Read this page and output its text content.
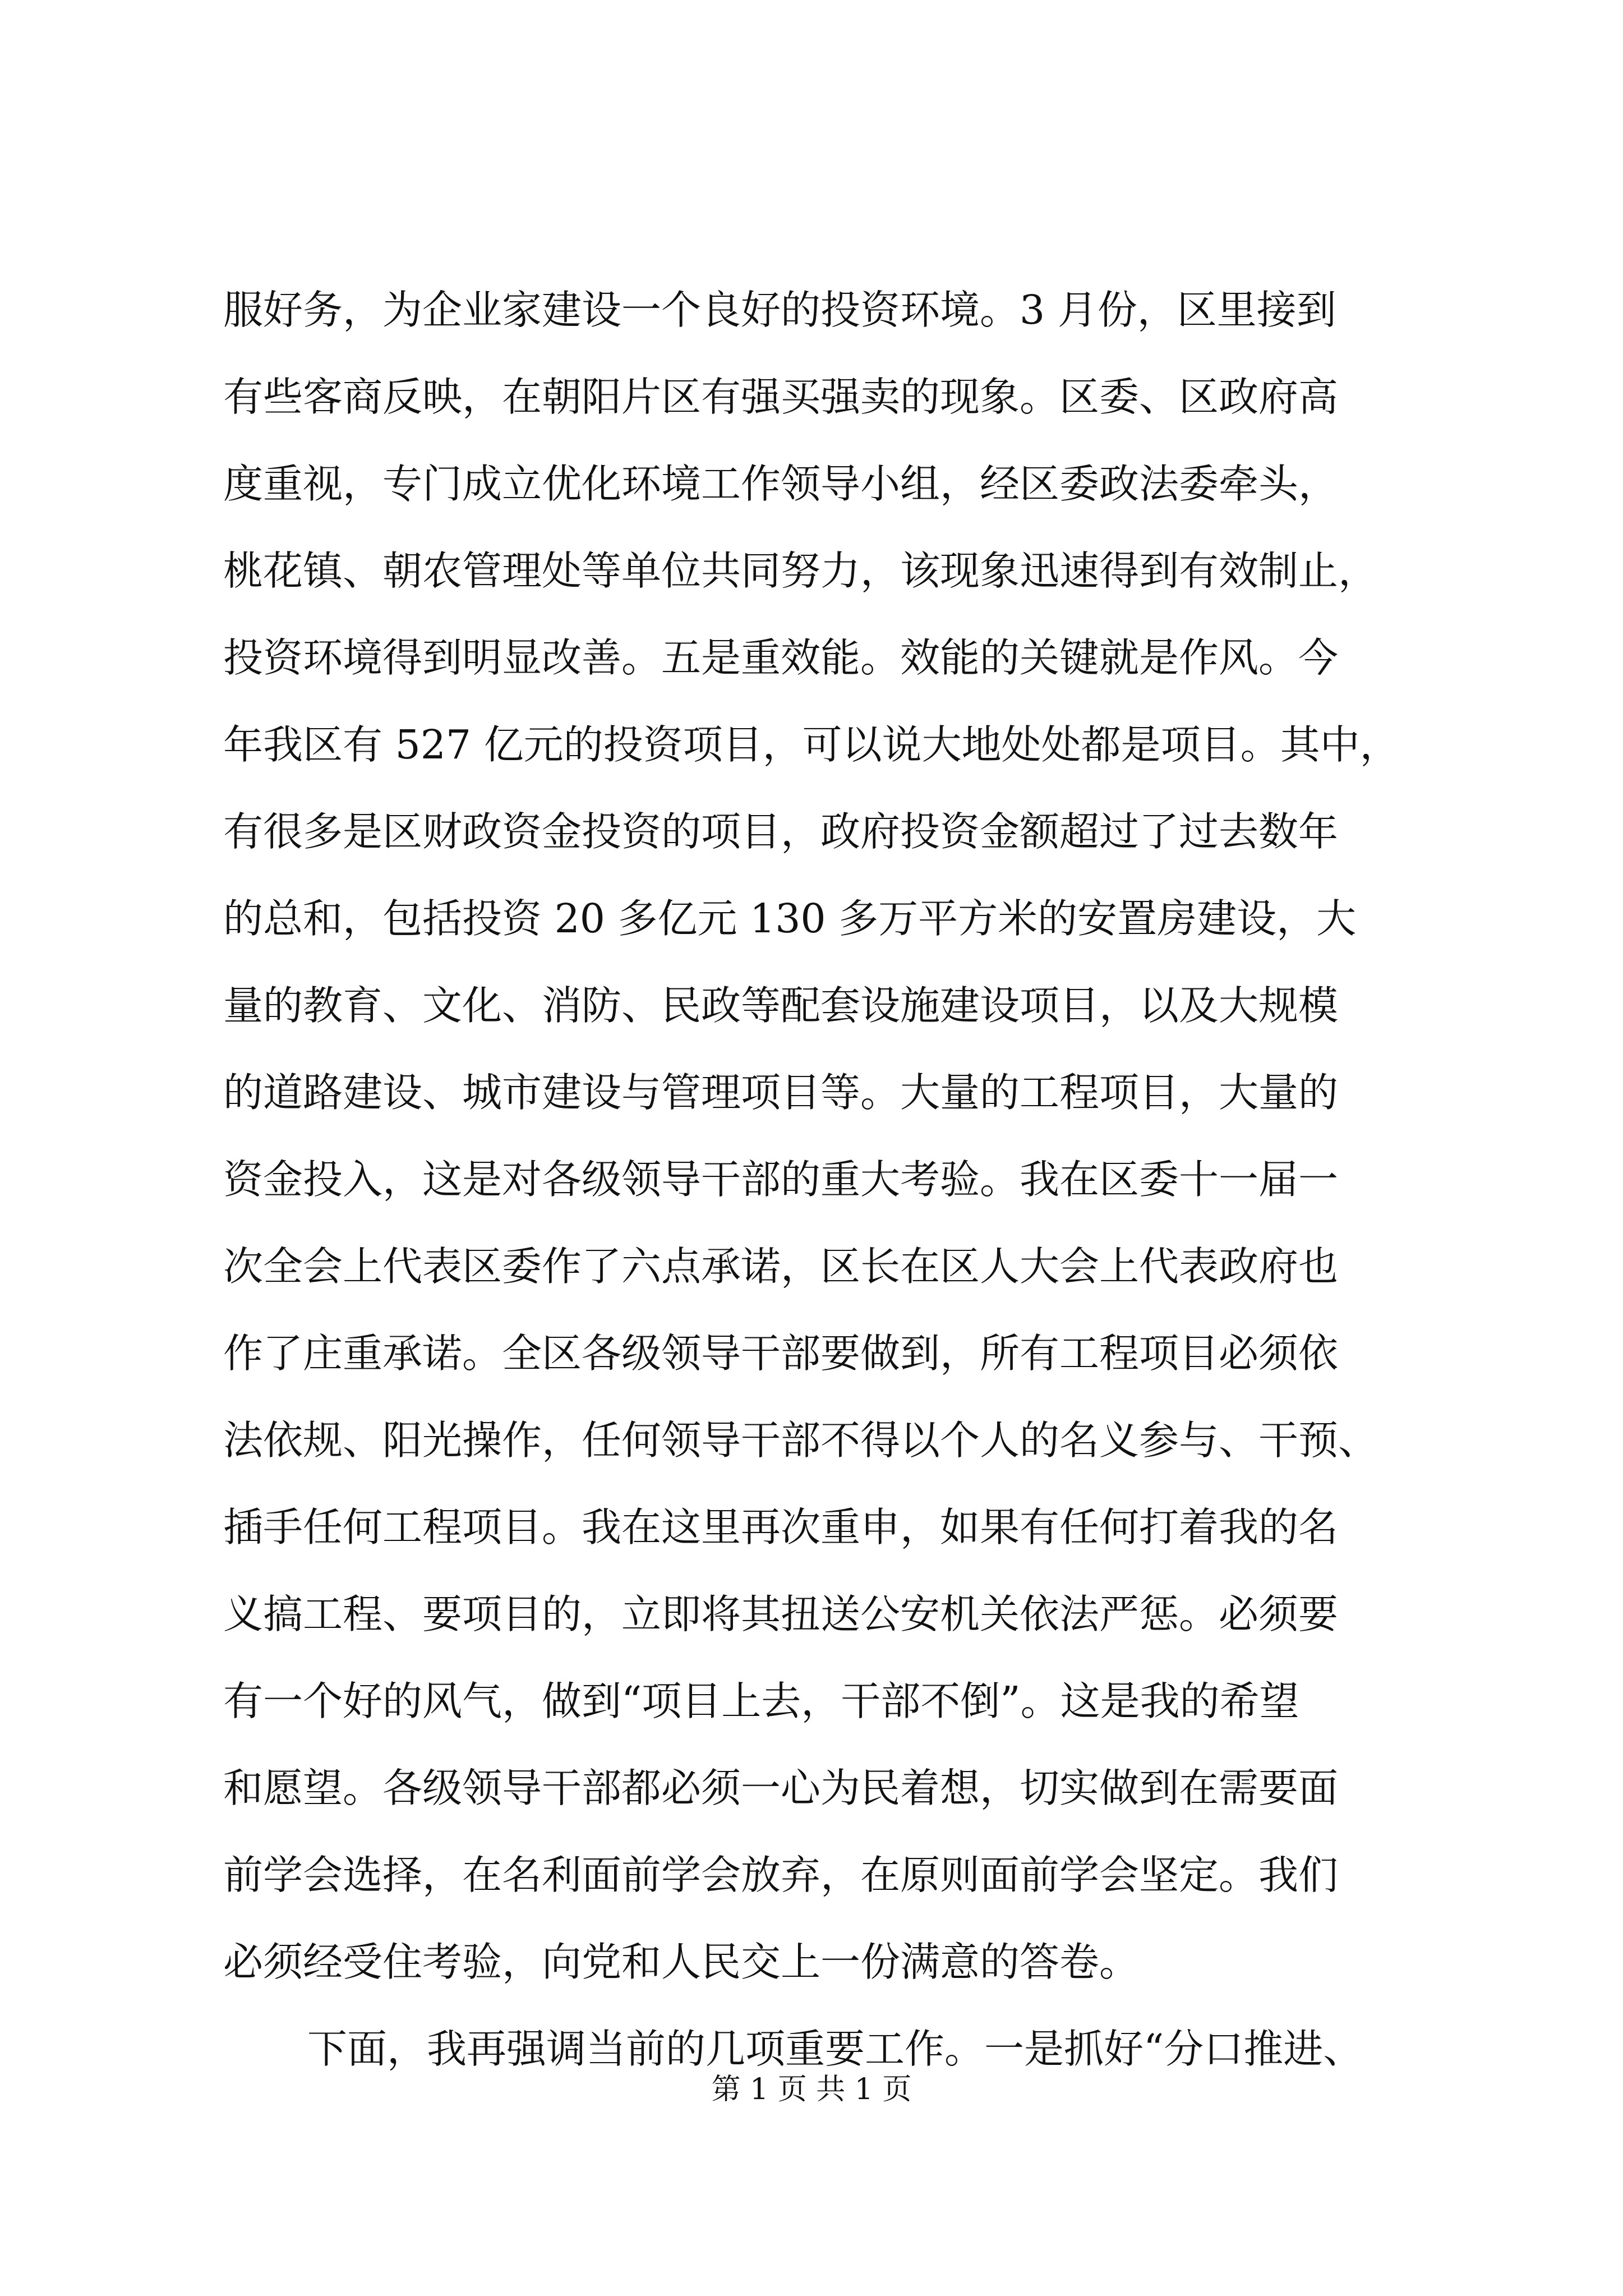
服好务，为企业家建设一个良好的投资环境。3 月份，区里接到
有些客商反映，在朝阳片区有强买强卖的现象。区委、区政府高
度重视，专门成立优化环境工作领导小组，经区委政法委牵头，
桃花镇、朝农管理处等单位共同努力，该现象迅速得到有效制止，
投资环境得到明显改善。五是重效能。效能的关键就是作风。今
年我区有 527 亿元的投资项目，可以说大地处处都是项目。其中，
有很多是区财政资金投资的项目，政府投资金额超过了过去数年
的总和，包括投资 20 多亿元 130 多万平方米的安置房建设，大
量的教育、文化、消防、民政等配套设施建设项目，以及大规模
的道路建设、城市建设与管理项目等。大量的工程项目，大量的
资金投入，这是对各级领导干部的重大考验。我在区委十一届一
次全会上代表区委作了六点承诺，区长在区人大会上代表政府也
作了庄重承诺。全区各级领导干部要做到，所有工程项目必须依
法依规、阳光操作，任何领导干部不得以个人的名义参与、干预、
插手任何工程项目。我在这里再次重申，如果有任何打着我的名
义搞工程、要项目的，立即将其扭送公安机关依法严惩。必须要
有一个好的风气，做到“项目上去，干部不倒”。这是我的希望
和愿望。各级领导干部都必须一心为民着想，切实做到在需要面
前学会选择，在名利面前学会放弃，在原则面前学会坚定。我们
必须经受住考验，向党和人民交上一份满意的答卷。
下面，我再强调当前的几项重要工作。一是抓好“分口推进、
第 1 页 共 1 页
